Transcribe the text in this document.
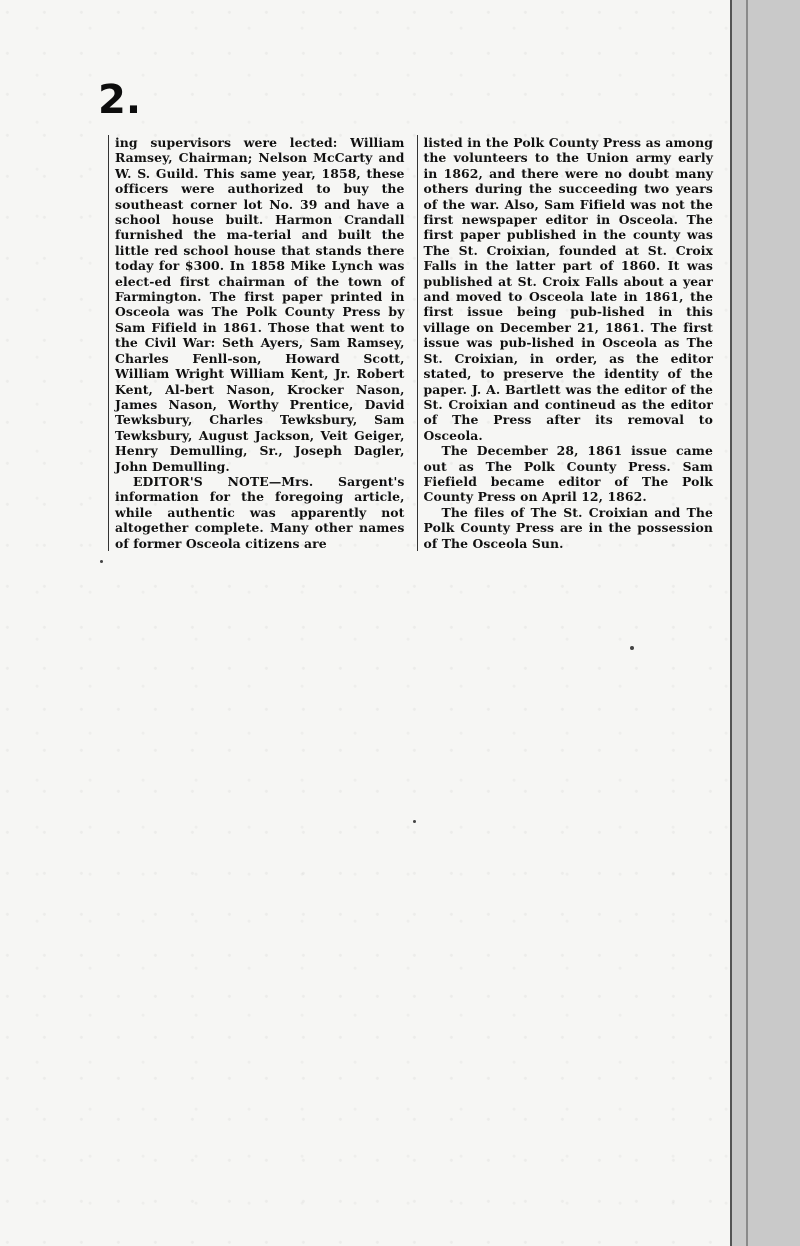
2.

ing supervisors were lected: William Ramsey, Chairman; Nelson McCarty and W. S. Guild. This same year, 1858, these officers were authorized to buy the southeast corner lot No. 39 and have a school house built. Harmon Crandall furnished the ma-terial and built the little red school house that stands there today for $300. In 1858 Mike Lynch was elect-ed first chairman of the town of Farmington. The first paper printed in Osceola was The Polk County Press by Sam Fifield in 1861. Those that went to the Civil War: Seth Ayers, Sam Ramsey, Charles Fenll-son, Howard Scott, William Wright William Kent, Jr. Robert Kent, Al-bert Nason, Krocker Nason, James Nason, Worthy Prentice, David Tewksbury, Charles Tewksbury, Sam Tewksbury, August Jackson, Veit Geiger, Henry Demulling, Sr., Joseph Dagler, John Demulling.

EDITOR'S NOTE—Mrs. Sargent's information for the foregoing article, while authentic was apparently not altogether complete. Many other names of former Osceola citizens are

listed in the Polk County Press as among the volunteers to the Union army early in 1862, and there were no doubt many others during the succeeding two years of the war. Also, Sam Fifield was not the first newspaper editor in Osceola. The first paper published in the county was The St. Croixian, founded at St. Croix Falls in the latter part of 1860. It was published at St. Croix Falls about a year and moved to Osceola late in 1861, the first issue being pub-lished in this village on December 21, 1861. The first issue was pub-lished in Osceola as The St. Croixian, in order, as the editor stated, to preserve the identity of the paper. J. A. Bartlett was the editor of the St. Croixian and contineud as the editor of The Press after its removal to Osceola.

The December 28, 1861 issue came out as The Polk County Press. Sam Fiefield became editor of The Polk County Press on April 12, 1862.

The files of The St. Croixian and The Polk County Press are in the possession of The Osceola Sun.
